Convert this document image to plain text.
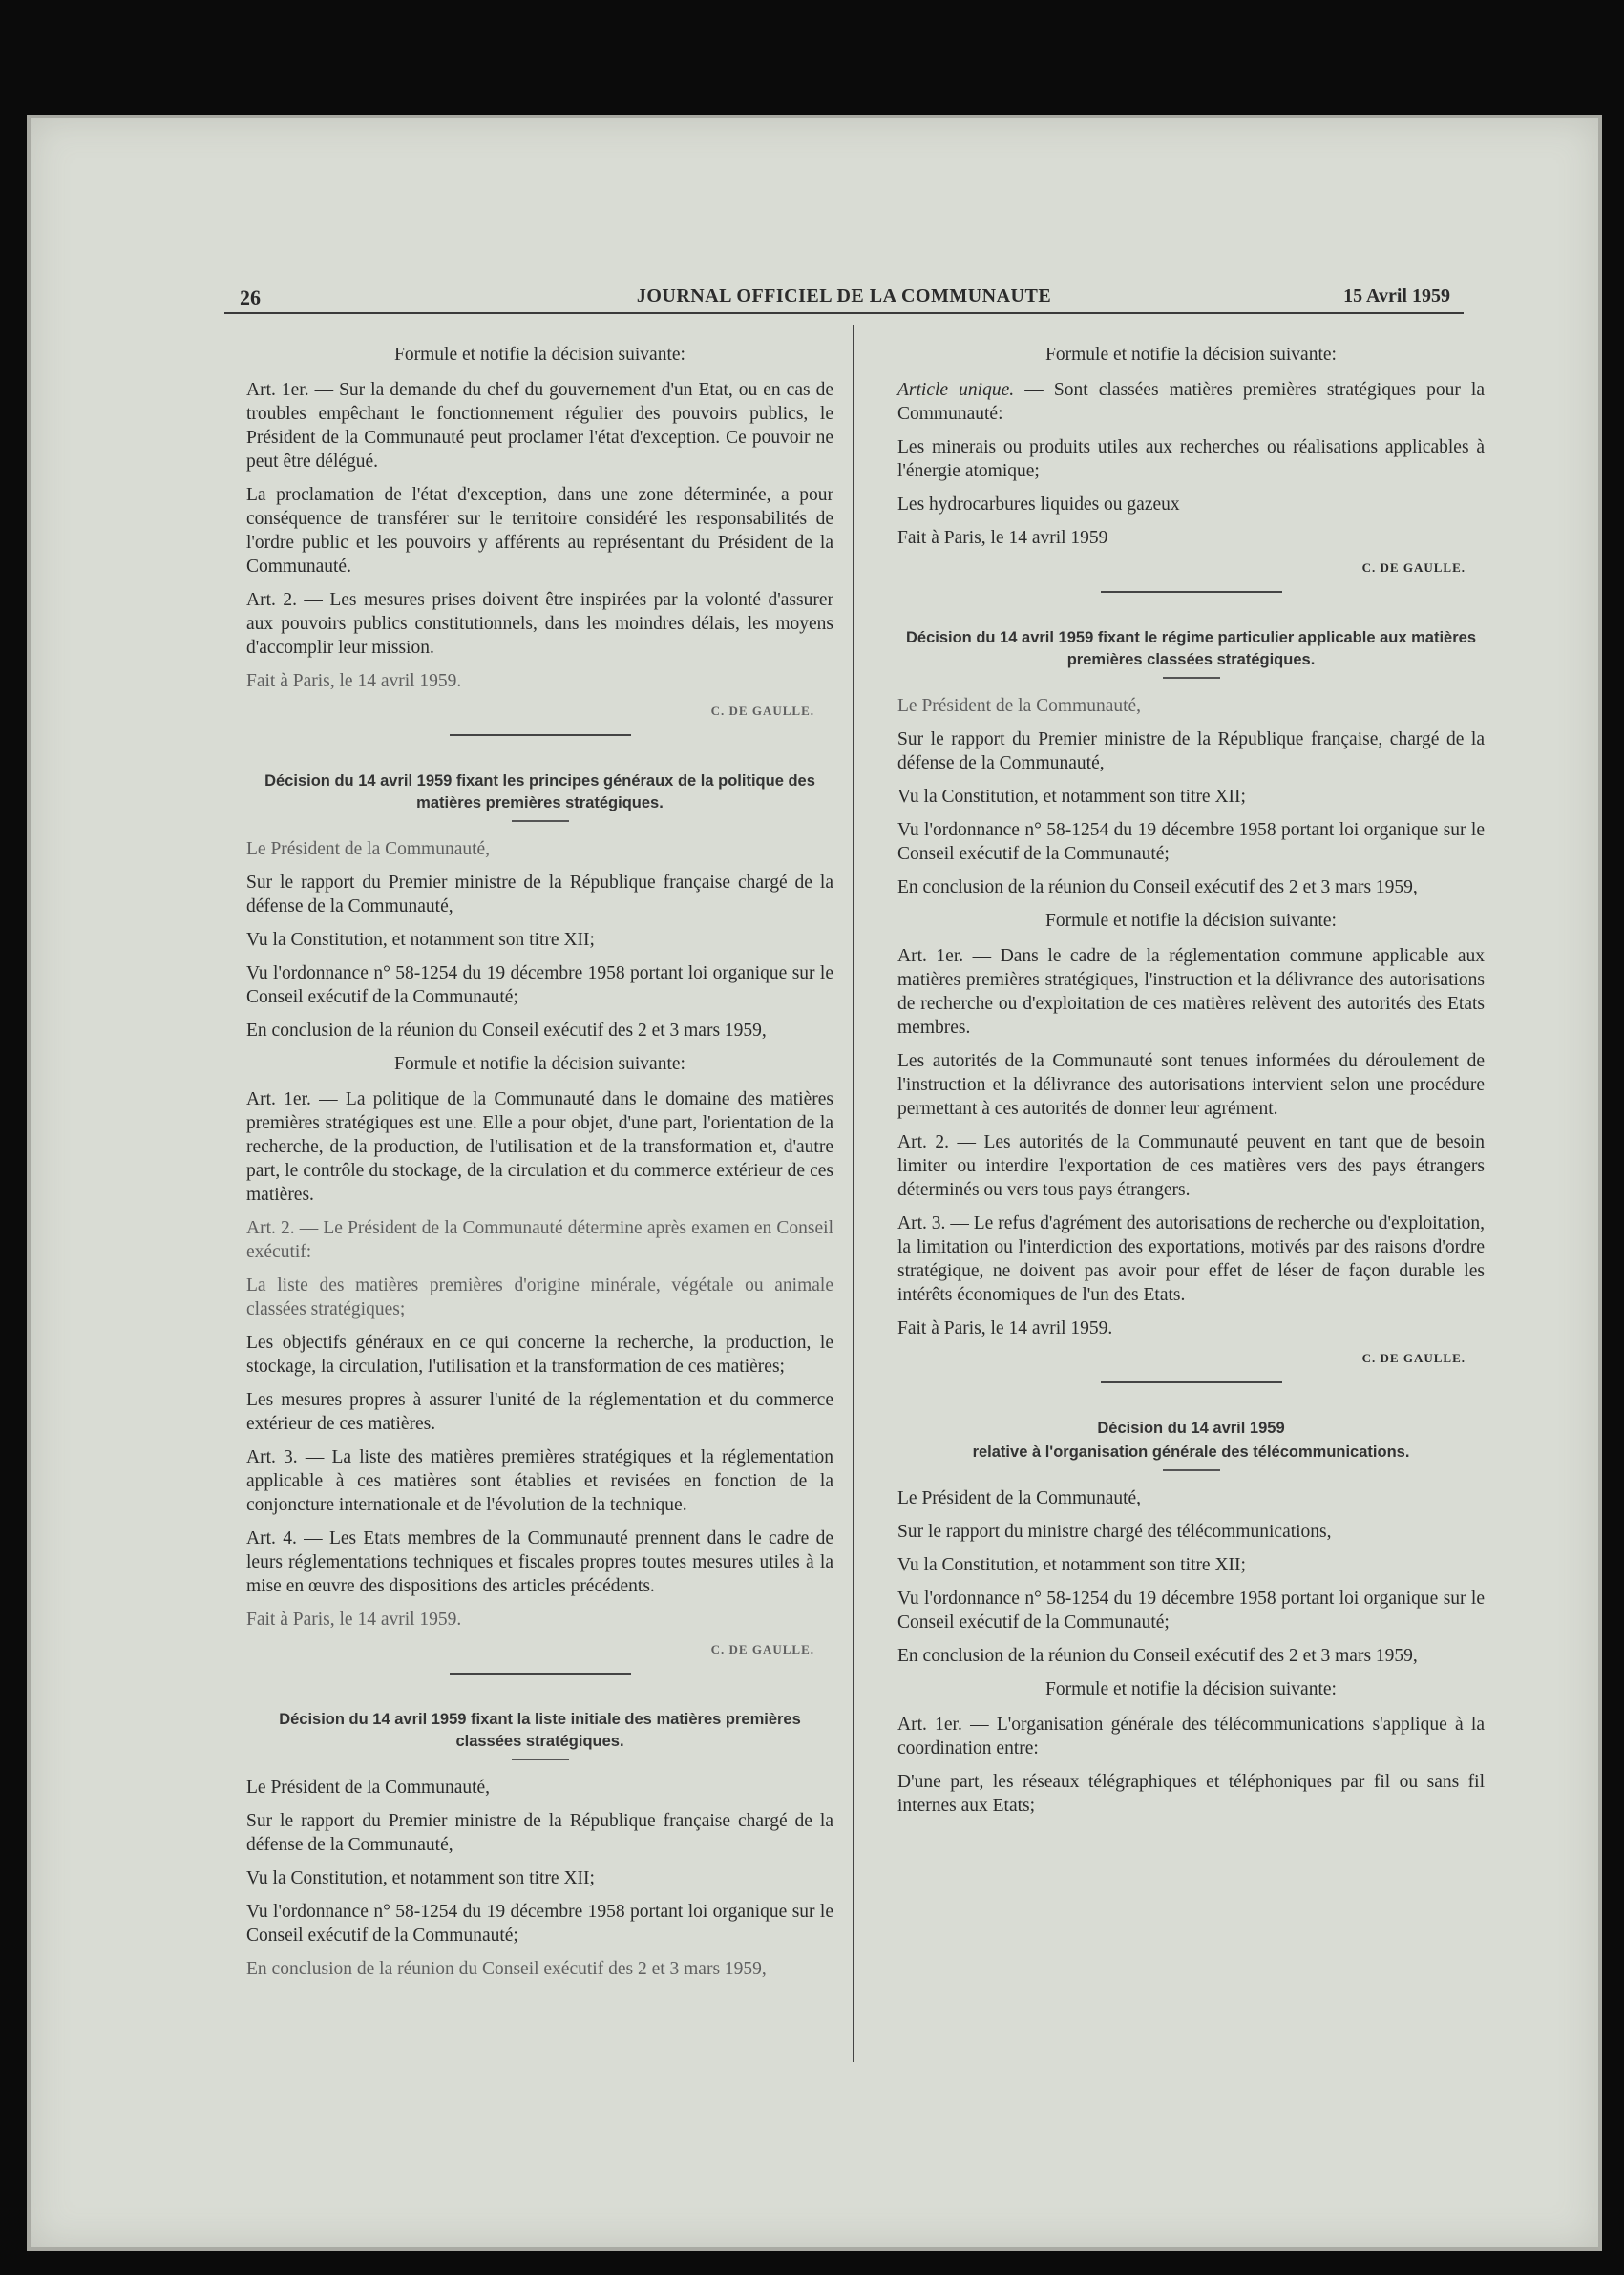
26	JOURNAL OFFICIEL DE LA COMMUNAUTE	15 Avril 1959

Formule et notifie la décision suivante:

Art. 1er. — Sur la demande du chef du gouvernement d'un Etat, ou en cas de troubles empêchant le fonctionnement régulier des pouvoirs publics, le Président de la Communauté peut proclamer l'état d'exception. Ce pouvoir ne peut être délégué.

La proclamation de l'état d'exception, dans une zone déterminée, a pour conséquence de transférer sur le territoire considéré les responsabilités de l'ordre public et les pouvoirs y afférents au représentant du Président de la Communauté.

Art. 2. — Les mesures prises doivent être inspirées par la volonté d'assurer aux pouvoirs publics constitutionnels, dans les moindres délais, les moyens d'accomplir leur mission.

Fait à Paris, le 14 avril 1959.

C. DE GAULLE.
Décision du 14 avril 1959 fixant les principes généraux de la politique des matières premières stratégiques.

Le Président de la Communauté,

Sur le rapport du Premier ministre de la République française chargé de la défense de la Communauté,

Vu la Constitution, et notamment son titre XII;

Vu l'ordonnance n° 58-1254 du 19 décembre 1958 portant loi organique sur le Conseil exécutif de la Communauté;

En conclusion de la réunion du Conseil exécutif des 2 et 3 mars 1959,

Formule et notifie la décision suivante:

Art. 1er. — La politique de la Communauté dans le domaine des matières premières stratégiques est une. Elle a pour objet, d'une part, l'orientation de la recherche, de la production, de l'utilisation et de la transformation et, d'autre part, le contrôle du stockage, de la circulation et du commerce extérieur de ces matières.

Art. 2. — Le Président de la Communauté détermine après examen en Conseil exécutif:

La liste des matières premières d'origine minérale, végétale ou animale classées stratégiques;

Les objectifs généraux en ce qui concerne la recherche, la production, le stockage, la circulation, l'utilisation et la transformation de ces matières;

Les mesures propres à assurer l'unité de la réglementation et du commerce extérieur de ces matières.

Art. 3. — La liste des matières premières stratégiques et la réglementation applicable à ces matières sont établies et revisées en fonction de la conjoncture internationale et de l'évolution de la technique.

Art. 4. — Les Etats membres de la Communauté prennent dans le cadre de leurs réglementations techniques et fiscales propres toutes mesures utiles à la mise en œuvre des dispositions des articles précédents.

Fait à Paris, le 14 avril 1959.

C. DE GAULLE.
Décision du 14 avril 1959 fixant la liste initiale des matières premières classées stratégiques.

Le Président de la Communauté,

Sur le rapport du Premier ministre de la République française chargé de la défense de la Communauté,

Vu la Constitution, et notamment son titre XII;

Vu l'ordonnance n° 58-1254 du 19 décembre 1958 portant loi organique sur le Conseil exécutif de la Communauté;

En conclusion de la réunion du Conseil exécutif des 2 et 3 mars 1959,

Formule et notifie la décision suivante:

Article unique. — Sont classées matières premières stratégiques pour la Communauté:

Les minerais ou produits utiles aux recherches ou réalisations applicables à l'énergie atomique;

Les hydrocarbures liquides ou gazeux

Fait à Paris, le 14 avril 1959

C. DE GAULLE.
Décision du 14 avril 1959 fixant le régime particulier applicable aux matières premières classées stratégiques.

Le Président de la Communauté,

Sur le rapport du Premier ministre de la République française, chargé de la défense de la Communauté,

Vu la Constitution, et notamment son titre XII;

Vu l'ordonnance n° 58-1254 du 19 décembre 1958 portant loi organique sur le Conseil exécutif de la Communauté;

En conclusion de la réunion du Conseil exécutif des 2 et 3 mars 1959,

Formule et notifie la décision suivante:

Art. 1er. — Dans le cadre de la réglementation commune applicable aux matières premières stratégiques, l'instruction et la délivrance des autorisations de recherche ou d'exploitation de ces matières relèvent des autorités des Etats membres.

Les autorités de la Communauté sont tenues informées du déroulement de l'instruction et la délivrance des autorisations intervient selon une procédure permettant à ces autorités de donner leur agrément.

Art. 2. — Les autorités de la Communauté peuvent en tant que de besoin limiter ou interdire l'exportation de ces matières vers des pays étrangers déterminés ou vers tous pays étrangers.

Art. 3. — Le refus d'agrément des autorisations de recherche ou d'exploitation, la limitation ou l'interdiction des exportations, motivés par des raisons d'ordre stratégique, ne doivent pas avoir pour effet de léser de façon durable les intérêts économiques de l'un des Etats.

Fait à Paris, le 14 avril 1959.

C. DE GAULLE.
Décision du 14 avril 1959
relative à l'organisation générale des télécommunications.

Le Président de la Communauté,

Sur le rapport du ministre chargé des télécommunications,

Vu la Constitution, et notamment son titre XII;

Vu l'ordonnance n° 58-1254 du 19 décembre 1958 portant loi organique sur le Conseil exécutif de la Communauté;

En conclusion de la réunion du Conseil exécutif des 2 et 3 mars 1959,

Formule et notifie la décision suivante:

Art. 1er. — L'organisation générale des télécommunications s'applique à la coordination entre:

D'une part, les réseaux télégraphiques et téléphoniques par fil ou sans fil internes aux Etats;
